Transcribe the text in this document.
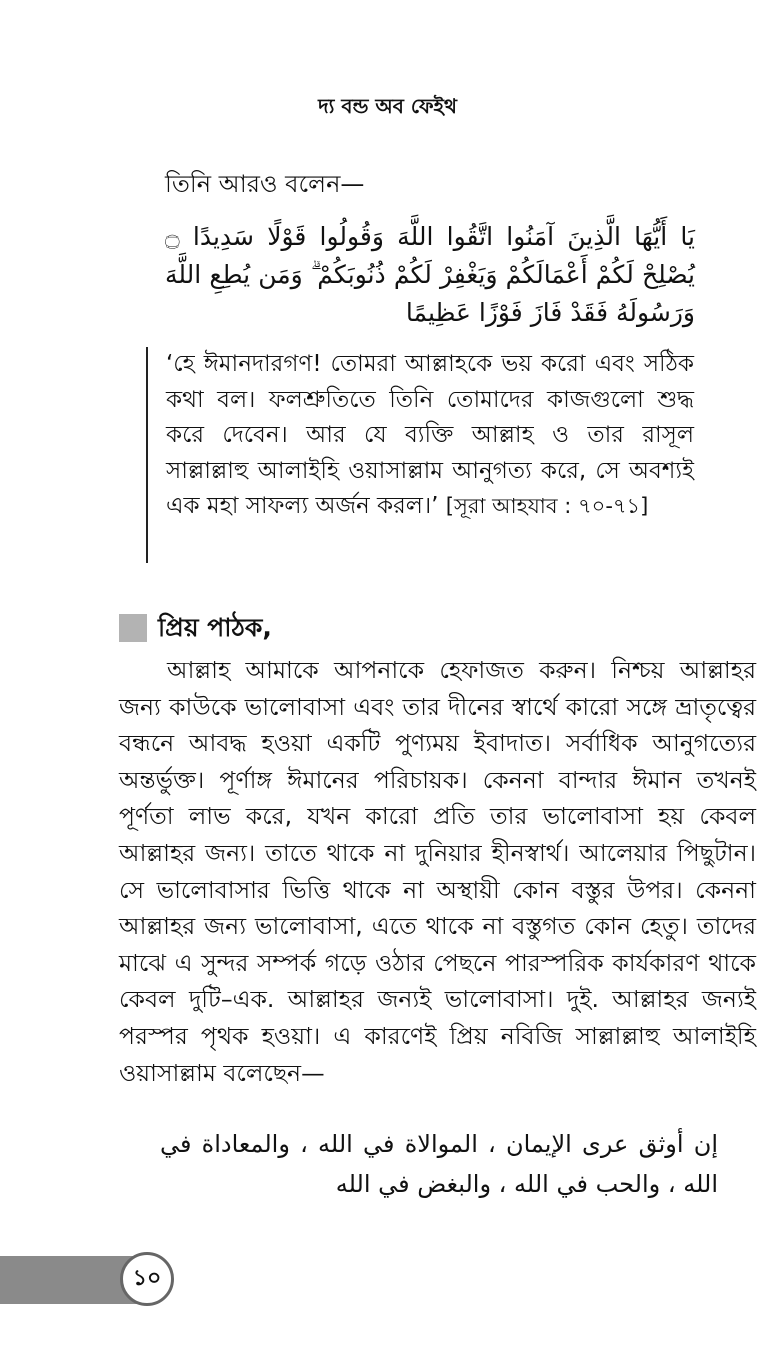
দ্য বন্ড অব ফেইথ
তিনি আরও বলেন—
يَا أَيُّهَا الَّذِينَ آمَنُوا اتَّقُوا اللَّهَ وَقُولُوا قَوْلًا سَدِيدًا ۝ يُصْلِحْ لَكُمْ أَعْمَالَكُمْ وَيَغْفِرْ لَكُمْ ذُنُوبَكُمْ ۗ وَمَن يُطِعِ اللَّهَ وَرَسُولَهُ فَقَدْ فَازَ فَوْزًا عَظِيمًا
‘হে ঈমানদারগণ! তোমরা আল্লাহকে ভয় করো এবং সঠিক কথা বল। ফলশ্রুতিতে তিনি তোমাদের কাজগুলো শুদ্ধ করে দেবেন। আর যে ব্যক্তি আল্লাহ ও তার রাসূল সাল্লাল্লাহু আলাইহি ওয়াসাল্লাম আনুগত্য করে, সে অবশ্যই এক মহা সাফল্য অর্জন করল।’ [সূরা আহযাব : ৭০-৭১]
প্রিয় পাঠক,
আল্লাহ আমাকে আপনাকে হেফাজত করুন। নিশ্চয় আল্লাহর জন্য কাউকে ভালোবাসা এবং তার দীনের স্বার্থে কারো সঙ্গে ভ্রাতৃত্বের বন্ধনে আবদ্ধ হওয়া একটি পুণ্যময় ইবাদাত। সর্বাধিক আনুগত্যের অন্তর্ভুক্ত। পূর্ণাঙ্গ ঈমানের পরিচায়ক। কেননা বান্দার ঈমান তখনই পূর্ণতা লাভ করে, যখন কারো প্রতি তার ভালোবাসা হয় কেবল আল্লাহর জন্য। তাতে থাকে না দুনিয়ার হীনস্বার্থ। আলেয়ার পিছুটান। সে ভালোবাসার ভিত্তি থাকে না অস্থায়ী কোন বস্তুর উপর। কেননা আল্লাহর জন্য ভালোবাসা, এতে থাকে না বস্তুগত কোন হেতু। তাদের মাঝে এ সুন্দর সম্পর্ক গড়ে ওঠার পেছনে পারস্পরিক কার্যকারণ থাকে কেবল দুটি–এক. আল্লাহর জন্যই ভালোবাসা। দুই. আল্লাহর জন্যই পরস্পর পৃথক হওয়া। এ কারণেই প্রিয় নবিজি সাল্লাল্লাহু আলাইহি ওয়াসাল্লাম বলেছেন—
إن أوثق عرى الإيمان ، الموالاة في الله ، والمعاداة في الله ، والحب في الله ، والبغض في الله
১০
